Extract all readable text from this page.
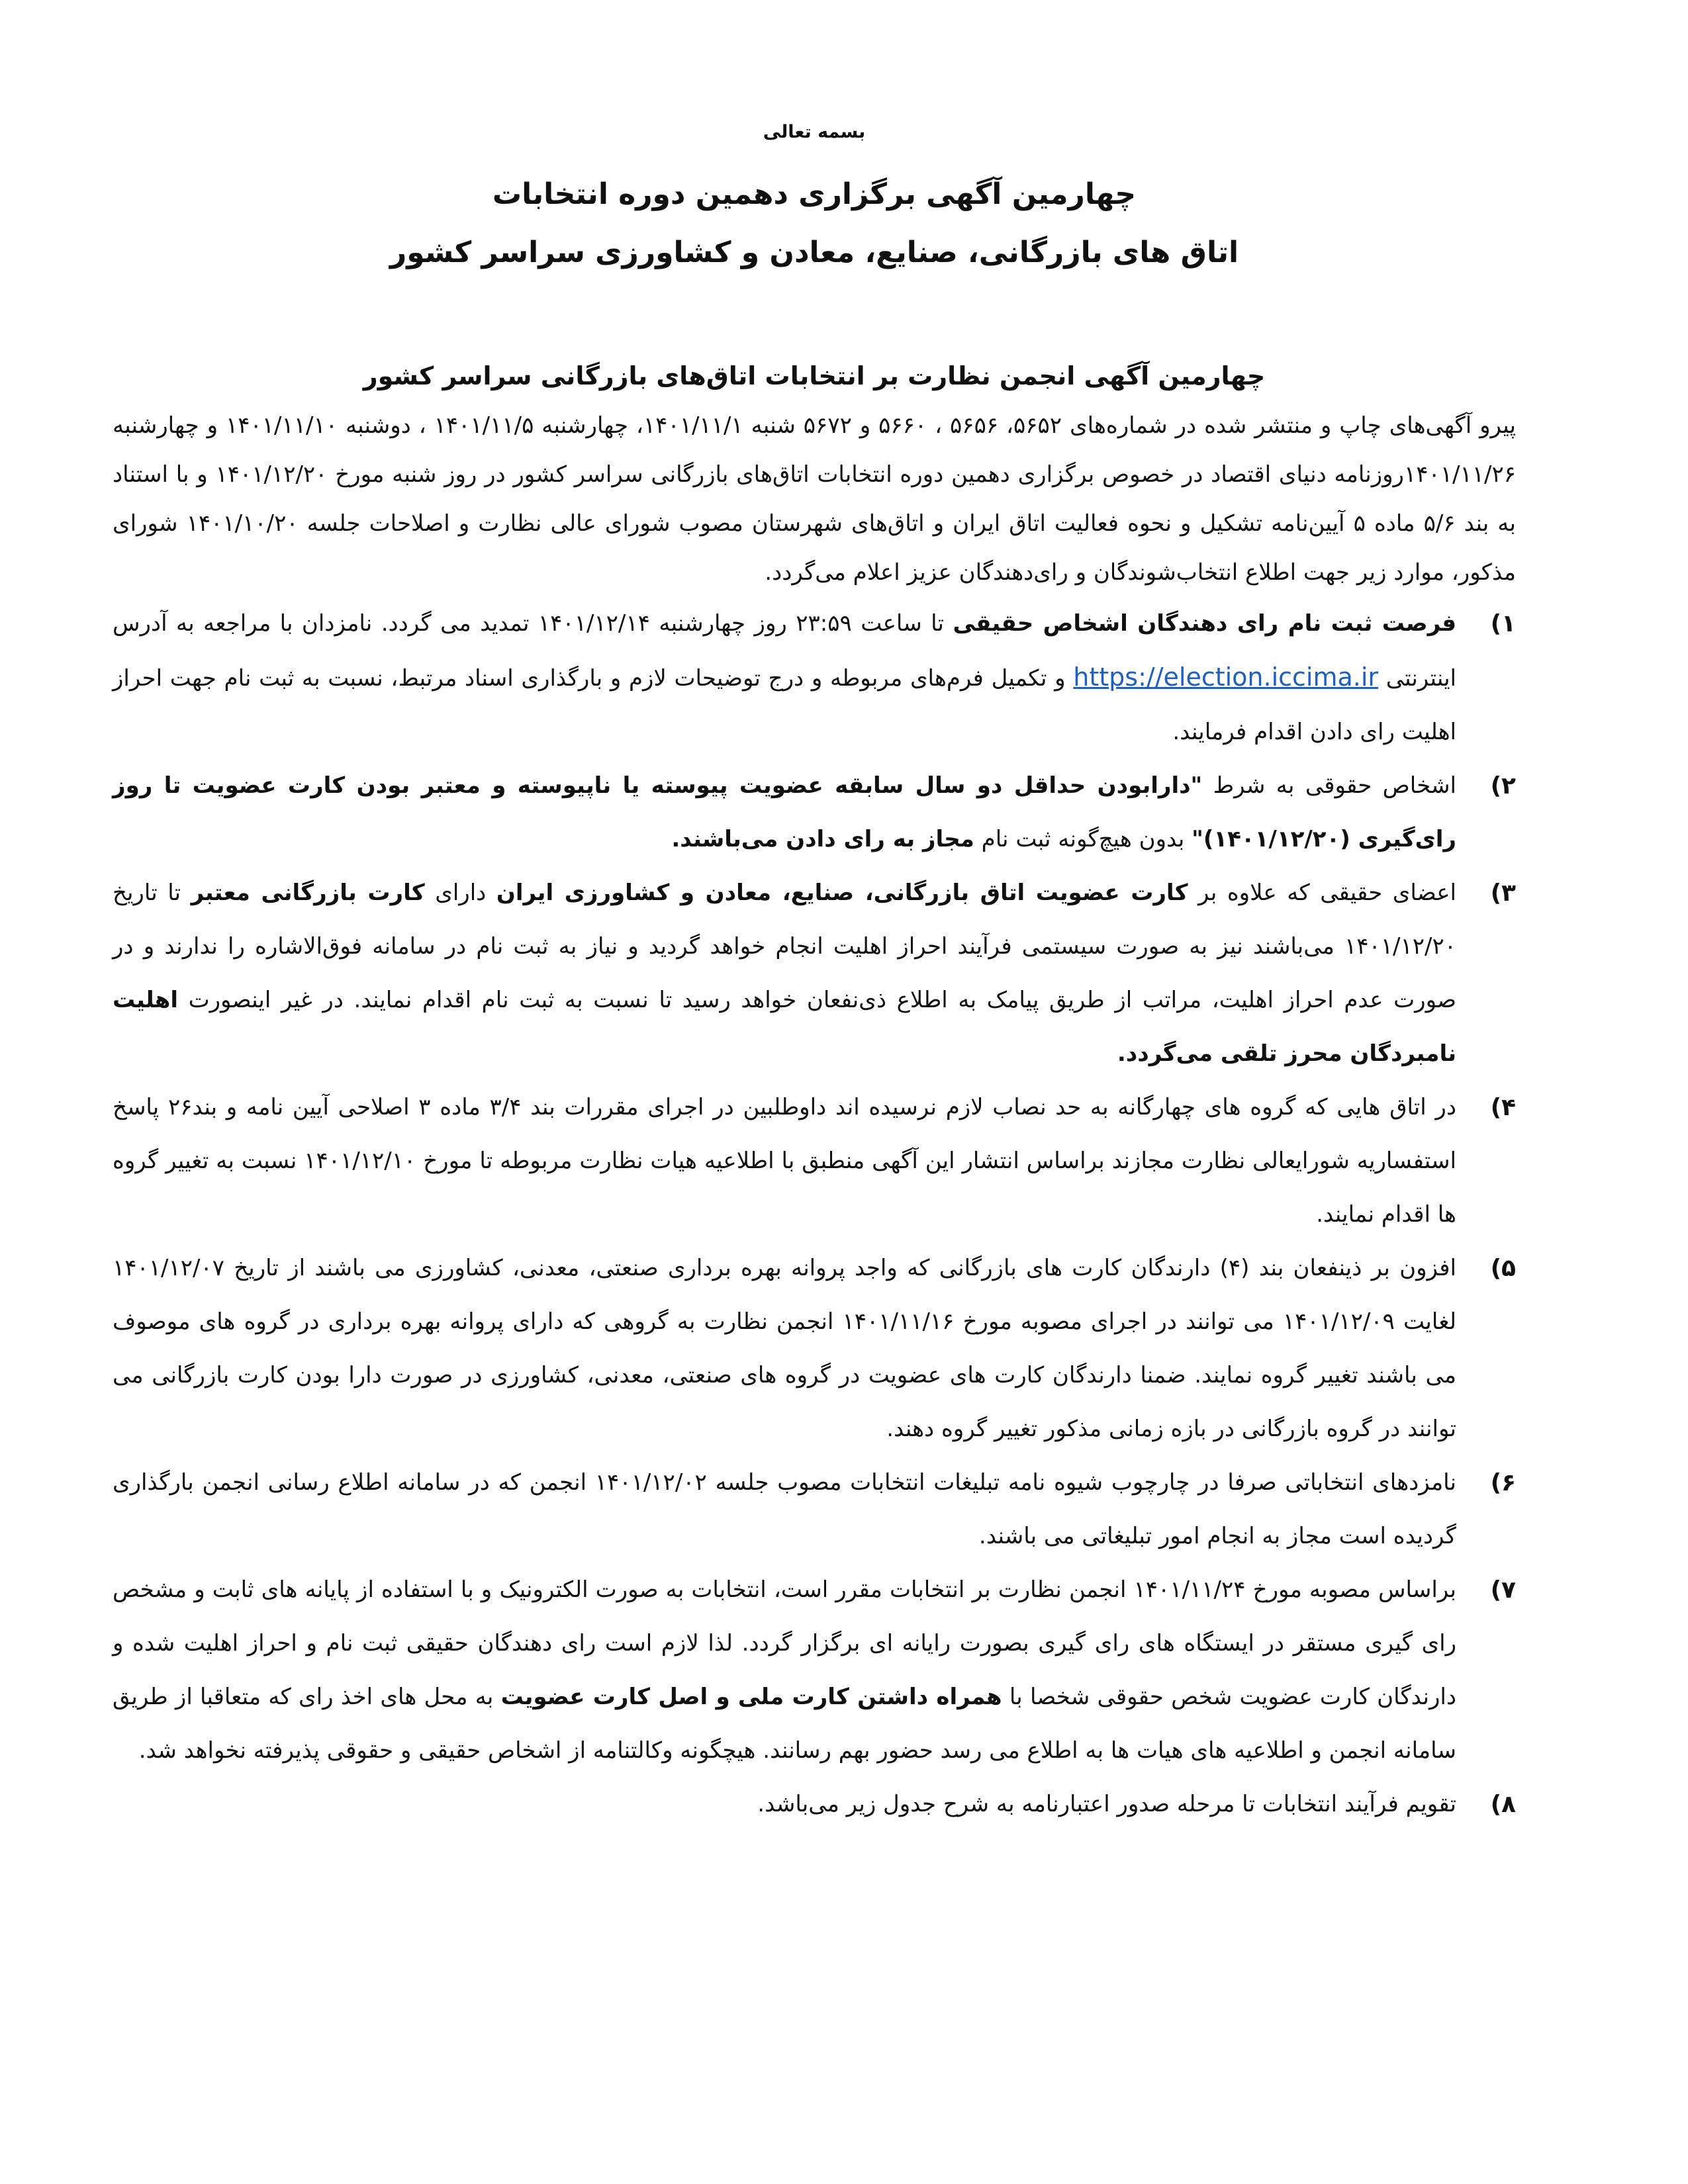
بسمه تعالی

چهارمین آگهی برگزاری دهمین دوره انتخابات

اتاق های بازرگانی، صنایع، معادن و کشاورزی سراسر کشور

چهارمین آگهی انجمن نظارت بر انتخابات اتاق‌های بازرگانی سراسر کشور

پیرو آگهی‌های چاپ و منتشر شده در شماره‌های ۵۶۵۲، ۵۶۵۶ ، ۵۶۶۰ و ۵۶۷۲ شنبه ۱۴۰۱/۱۱/۱، چهارشنبه ۱۴۰۱/۱۱/۵ ، دوشنبه ۱۴۰۱/۱۱/۱۰ و چهارشنبه ۱۴۰۱/۱۱/۲۶روزنامه دنیای اقتصاد در خصوص برگزاری دهمین دوره انتخابات اتاق‌های بازرگانی سراسر کشور در روز شنبه مورخ ۱۴۰۱/۱۲/۲۰ و با استناد به بند ۵/۶ ماده ۵ آیین‌نامه تشکیل و نحوه فعالیت اتاق ایران و اتاق‌های شهرستان مصوب شورای عالی نظارت و اصلاحات جلسه ۱۴۰۱/۱۰/۲۰ شورای مذکور، موارد زیر جهت اطلاع انتخاب‌شوندگان و رای‌دهندگان عزیز اعلام می‌گردد.

۱)
فرصت ثبت نام رای دهندگان اشخاص حقیقی تا ساعت ۲۳:۵۹ روز چهارشنبه ۱۴۰۱/۱۲/۱۴ تمدید می گردد. نامزدان با مراجعه به آدرس اینترنتی https://election.iccima.ir و تکمیل فرم‌های مربوطه و درج توضیحات لازم و بارگذاری اسناد مرتبط، نسبت به ثبت نام جهت احراز اهلیت رای دادن اقدام فرمایند.
۲)
اشخاص حقوقی به شرط "دارابودن حداقل دو سال سابقه عضویت پیوسته یا ناپیوسته و معتبر بودن کارت عضویت تا روز رای‌گیری (۱۴۰۱/۱۲/۲۰)" بدون هیچ‌گونه ثبت نام مجاز به رای دادن می‌باشند.
۳)
اعضای حقیقی که علاوه بر کارت عضویت اتاق بازرگانی، صنایع، معادن و کشاورزی ایران دارای کارت بازرگانی معتبر تا تاریخ ۱۴۰۱/۱۲/۲۰ می‌باشند نیز به صورت سیستمی فرآیند احراز اهلیت انجام خواهد گردید و نیاز به ثبت نام در سامانه فوق‌الاشاره را ندارند و در صورت عدم احراز اهلیت، مراتب از طریق پیامک به اطلاع ذی‌نفعان خواهد رسید تا نسبت به ثبت نام اقدام نمایند. در غیر اینصورت اهلیت نامبردگان محرز تلقی می‌گردد.
۴)
در اتاق هایی که گروه های چهارگانه به حد نصاب لازم نرسیده اند داوطلبین در اجرای مقررات بند ۳/۴ ماده ۳ اصلاحی آیین نامه و بند۲۶ پاسخ استفساریه شورایعالی نظارت مجازند براساس انتشار این آگهی منطبق با اطلاعیه هیات نظارت مربوطه تا مورخ ۱۴۰۱/۱۲/۱۰ نسبت به تغییر گروه ها اقدام نمایند.
۵)
افزون بر ذینفعان بند (۴) دارندگان کارت های بازرگانی که واجد پروانه بهره برداری صنعتی، معدنی، کشاورزی می باشند از تاریخ ۱۴۰۱/۱۲/۰۷ لغایت ۱۴۰۱/۱۲/۰۹ می توانند در اجرای مصوبه مورخ ۱۴۰۱/۱۱/۱۶ انجمن نظارت به گروهی که دارای پروانه بهره برداری در گروه های موصوف می باشند تغییر گروه نمایند. ضمنا دارندگان کارت های عضویت در گروه های صنعتی، معدنی، کشاورزی در صورت دارا بودن کارت بازرگانی می توانند در گروه بازرگانی در بازه زمانی مذکور تغییر گروه دهند.
۶)
نامزدهای انتخاباتی صرفا در چارچوب شیوه نامه تبلیغات انتخابات مصوب جلسه ۱۴۰۱/۱۲/۰۲ انجمن که در سامانه اطلاع رسانی انجمن بارگذاری گردیده است مجاز به انجام امور تبلیغاتی می باشند.
۷)
براساس مصوبه مورخ ۱۴۰۱/۱۱/۲۴ انجمن نظارت بر انتخابات مقرر است، انتخابات به صورت الکترونیک و با استفاده از پایانه های ثابت و مشخص رای گیری مستقر در ایستگاه های رای گیری بصورت رایانه ای برگزار گردد. لذا لازم است رای دهندگان حقیقی ثبت نام و احراز اهلیت شده و دارندگان کارت عضویت شخص حقوقی شخصا با همراه داشتن کارت ملی و اصل کارت عضویت به محل های اخذ رای که متعاقبا از طریق سامانه انجمن و اطلاعیه های هیات ها به اطلاع می رسد حضور بهم رسانند. هیچگونه وکالتنامه از اشخاص حقیقی و حقوقی پذیرفته نخواهد شد.
۸)
تقویم فرآیند انتخابات تا مرحله صدور اعتبارنامه به شرح جدول زیر می‌باشد.
